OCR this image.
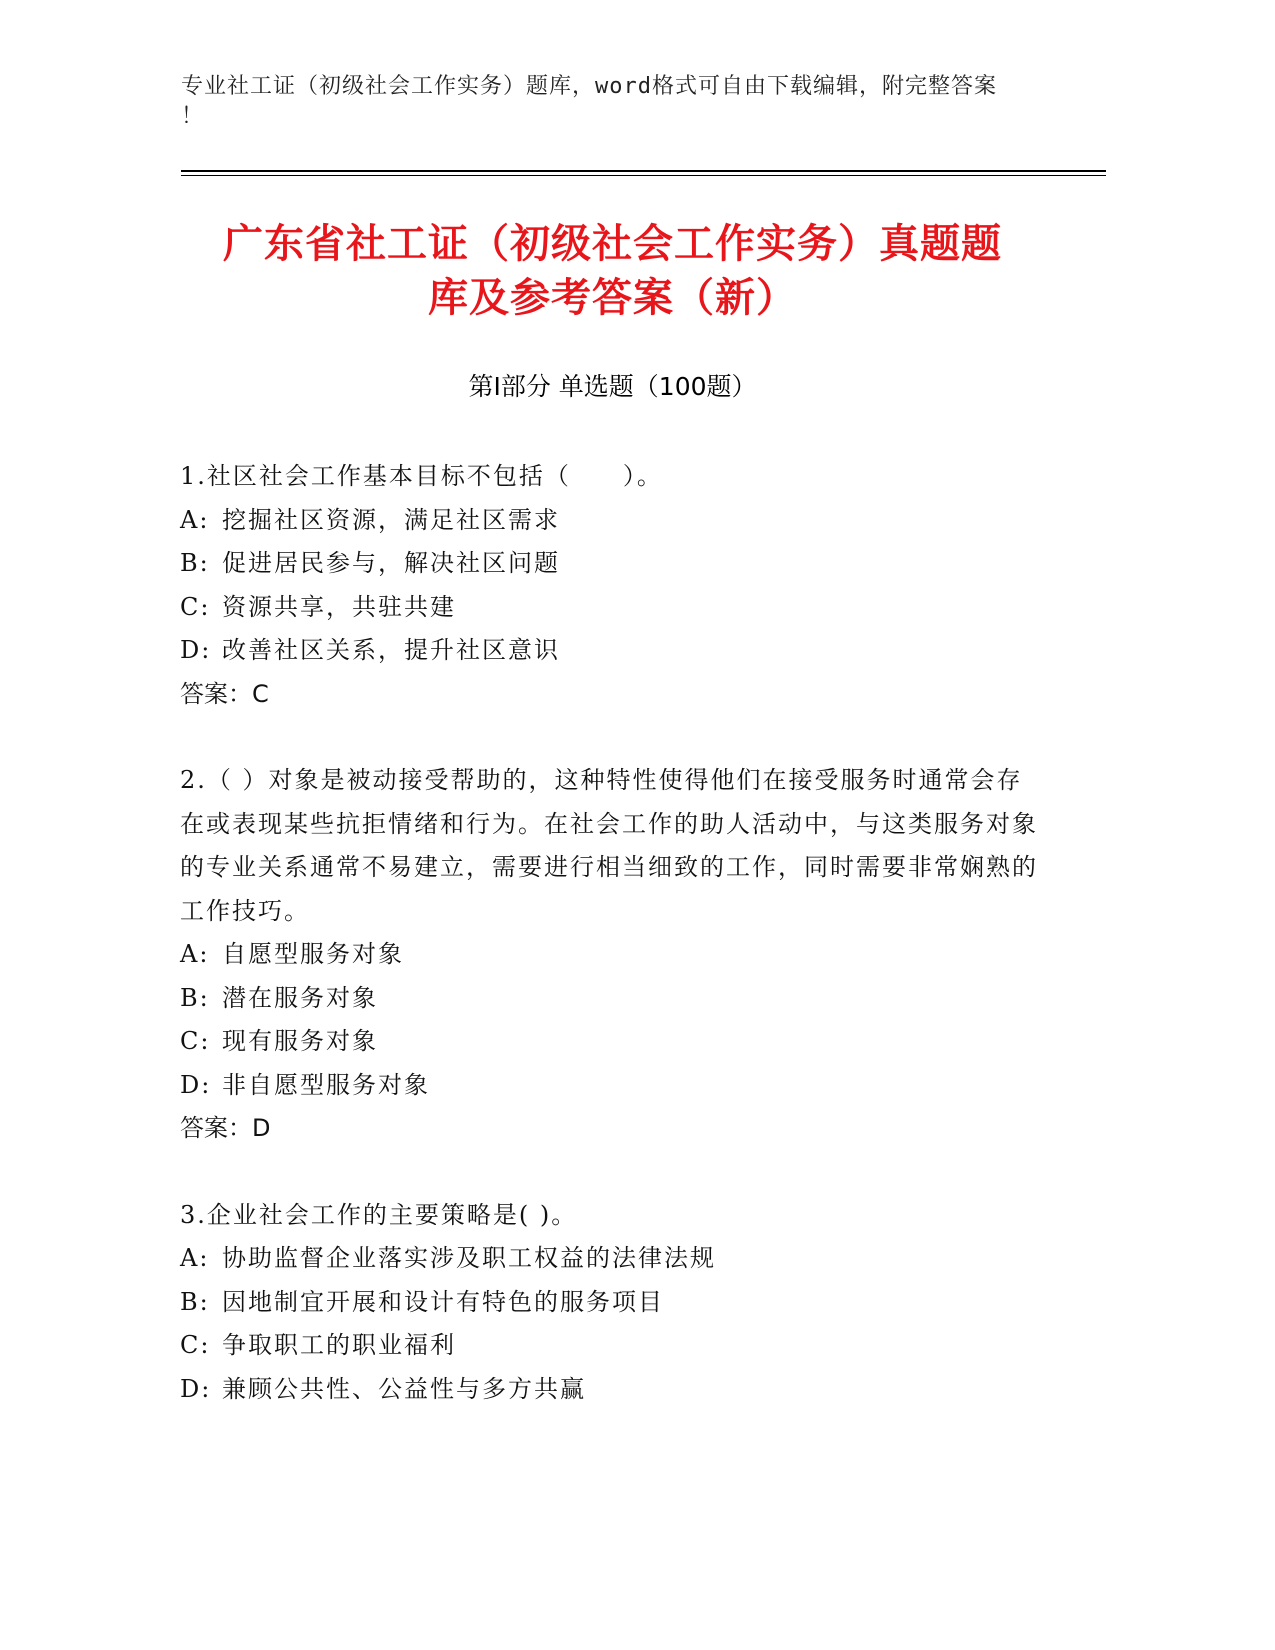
专业社工证（初级社会工作实务）题库，word格式可自由下载编辑，附完整答案
！
广东省社工证（初级社会工作实务）真题题
库及参考答案（新）
第Ⅰ部分 单选题（100题）

1.社区社会工作基本目标不包括（　　）。

A: 挖掘社区资源，满足社区需求

B: 促进居民参与，解决社区问题

C: 资源共享，共驻共建

D: 改善社区关系，提升社区意识

答案：C

2.（ ）对象是被动接受帮助的，这种特性使得他们在接受服务时通常会存在或表现某些抗拒情绪和行为。在社会工作的助人活动中，与这类服务对象的专业关系通常不易建立，需要进行相当细致的工作，同时需要非常娴熟的工作技巧。

A: 自愿型服务对象

B: 潜在服务对象

C: 现有服务对象

D: 非自愿型服务对象

答案：D

3.企业社会工作的主要策略是( )。

A: 协助监督企业落实涉及职工权益的法律法规

B: 因地制宜开展和设计有特色的服务项目

C: 争取职工的职业福利

D: 兼顾公共性、公益性与多方共赢
